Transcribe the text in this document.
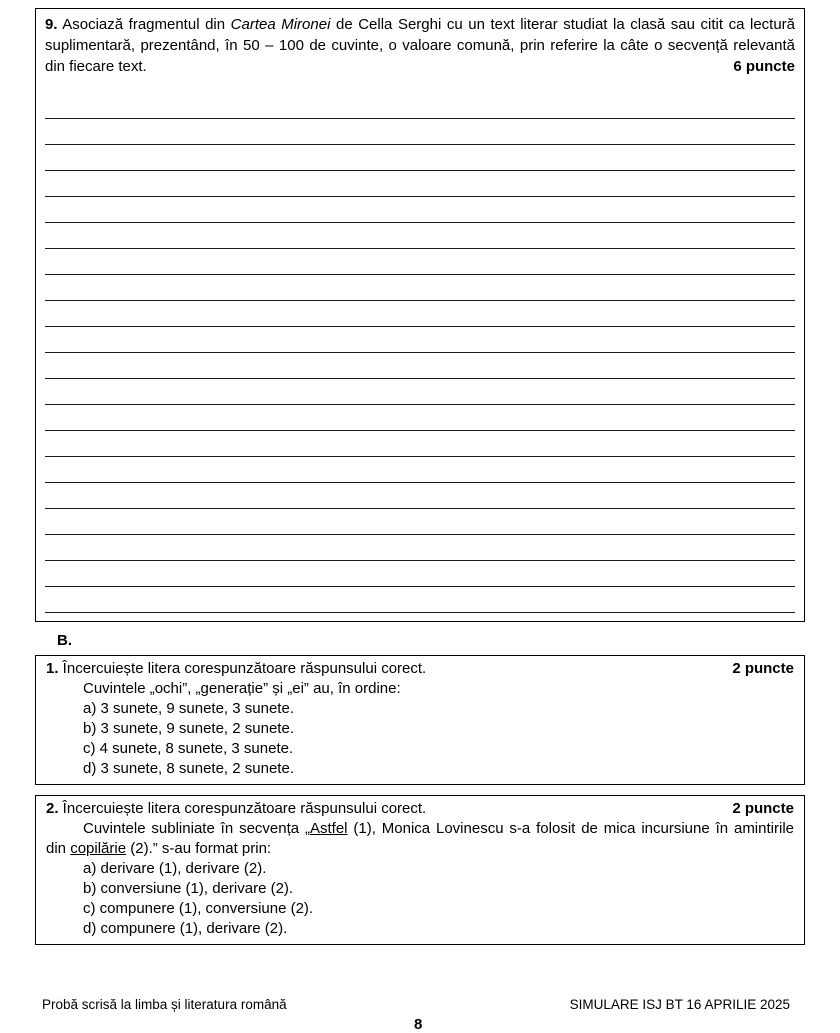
9. Asociază fragmentul din Cartea Mironei de Cella Serghi cu un text literar studiat la clasă sau citit ca lectură suplimentară, prezentând, în 50 – 100 de cuvinte, o valoare comună, prin referire la câte o secvență relevantă din fiecare text.	6 puncte

B.

2 puncte
1. Încercuiește litera corespunzătoare răspunsului corect.

Cuvintele „ochi”, „generație” și „ei” au, în ordine:

a) 3 sunete, 9 sunete, 3 sunete.

b) 3 sunete, 9 sunete, 2 sunete.

c) 4 sunete, 8 sunete, 3 sunete.

d) 3 sunete, 8 sunete, 2 sunete.

2 puncte
2. Încercuiește litera corespunzătoare răspunsului corect.

Cuvintele subliniate în secvența „Astfel (1), Monica Lovinescu s-a folosit de mica incursiune în amintirile din copilărie (2).” s-au format prin:

a) derivare (1), derivare (2).

b) conversiune (1), derivare (2).

c) compunere (1), conversiune (2).

d) compunere (1), derivare (2).

Probă scrisă la limba și literatura română	SIMULARE ISJ BT 16 APRILIE 2025
8
